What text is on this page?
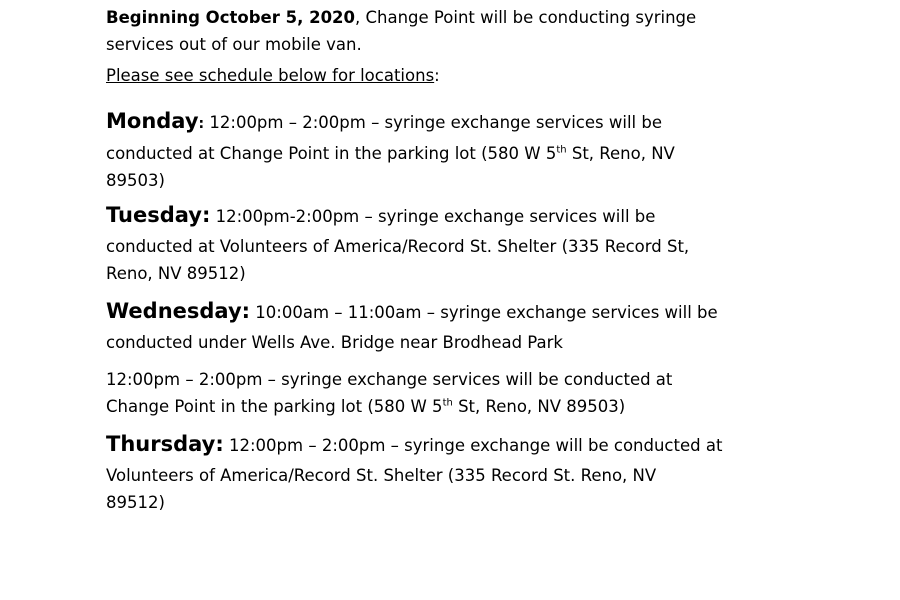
Beginning October 5, 2020, Change Point will be conducting syringe
services out of our mobile van.

Please see schedule below for locations:

Monday: 12:00pm – 2:00pm – syringe exchange services will be
conducted at Change Point in the parking lot (580 W 5th St, Reno, NV
89503)

Tuesday: 12:00pm-2:00pm – syringe exchange services will be
conducted at Volunteers of America/Record St. Shelter (335 Record St,
Reno, NV 89512)

Wednesday: 10:00am – 11:00am – syringe exchange services will be
conducted under Wells Ave. Bridge near Brodhead Park

12:00pm – 2:00pm – syringe exchange services will be conducted at
Change Point in the parking lot (580 W 5th St, Reno, NV 89503)

Thursday: 12:00pm – 2:00pm – syringe exchange will be conducted at
Volunteers of America/Record St. Shelter (335 Record St. Reno, NV
89512)
